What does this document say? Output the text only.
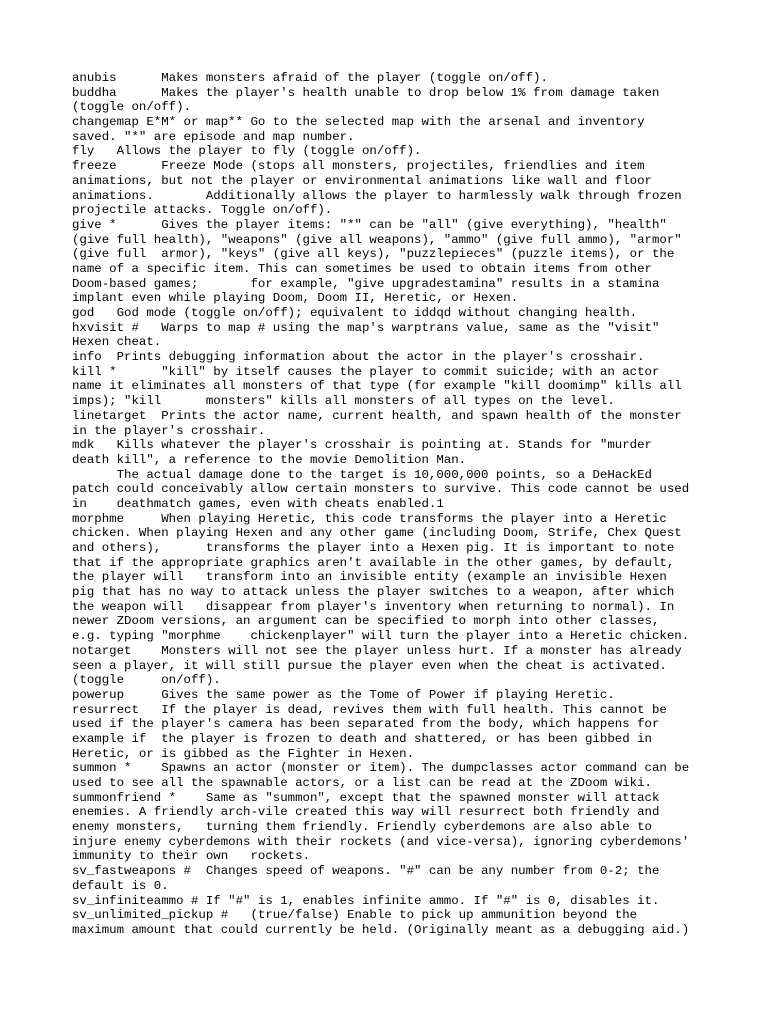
anubis      Makes monsters afraid of the player (toggle on/off).
buddha      Makes the player's health unable to drop below 1% from damage taken
(toggle on/off).
changemap E*M* or map** Go to the selected map with the arsenal and inventory
saved. "*" are episode and map number.
fly   Allows the player to fly (toggle on/off).
freeze      Freeze Mode (stops all monsters, projectiles, friendlies and item
animations, but not the player or environmental animations like wall and floor
animations.       Additionally allows the player to harmlessly walk through frozen
projectile attacks. Toggle on/off).
give *      Gives the player items: "*" can be "all" (give everything), "health"
(give full health), "weapons" (give all weapons), "ammo" (give full ammo), "armor"
(give full  armor), "keys" (give all keys), "puzzlepieces" (puzzle items), or the
name of a specific item. This can sometimes be used to obtain items from other
Doom-based games;       for example, "give upgradestamina" results in a stamina
implant even while playing Doom, Doom II, Heretic, or Hexen.
god   God mode (toggle on/off); equivalent to iddqd without changing health.
hxvisit #   Warps to map # using the map's warptrans value, same as the "visit"
Hexen cheat.
info  Prints debugging information about the actor in the player's crosshair.
kill *      "kill" by itself causes the player to commit suicide; with an actor
name it eliminates all monsters of that type (for example "kill doomimp" kills all
imps); "kill      monsters" kills all monsters of all types on the level.
linetarget  Prints the actor name, current health, and spawn health of the monster
in the player's crosshair.
mdk   Kills whatever the player's crosshair is pointing at. Stands for "murder
death kill", a reference to the movie Demolition Man.
The actual damage done to the target is 10,000,000 points, so a DeHackEd
patch could conceivably allow certain monsters to survive. This code cannot be used
in    deathmatch games, even with cheats enabled.1
morphme     When playing Heretic, this code transforms the player into a Heretic
chicken. When playing Hexen and any other game (including Doom, Strife, Chex Quest
and others),      transforms the player into a Hexen pig. It is important to note
that if the appropriate graphics aren't available in the other games, by default,
the player will   transform into an invisible entity (example an invisible Hexen
pig that has no way to attack unless the player switches to a weapon, after which
the weapon will   disappear from player's inventory when returning to normal). In
newer ZDoom versions, an argument can be specified to morph into other classes,
e.g. typing "morphme    chickenplayer" will turn the player into a Heretic chicken.
notarget    Monsters will not see the player unless hurt. If a monster has already
seen a player, it will still pursue the player even when the cheat is activated.
(toggle     on/off).
powerup     Gives the same power as the Tome of Power if playing Heretic.
resurrect   If the player is dead, revives them with full health. This cannot be
used if the player's camera has been separated from the body, which happens for
example if  the player is frozen to death and shattered, or has been gibbed in
Heretic, or is gibbed as the Fighter in Hexen.
summon *    Spawns an actor (monster or item). The dumpclasses actor command can be
used to see all the spawnable actors, or a list can be read at the ZDoom wiki.
summonfriend *    Same as "summon", except that the spawned monster will attack
enemies. A friendly arch-vile created this way will resurrect both friendly and
enemy monsters,   turning them friendly. Friendly cyberdemons are also able to
injure enemy cyberdemons with their rockets (and vice-versa), ignoring cyberdemons'
immunity to their own   rockets.
sv_fastweapons #  Changes speed of weapons. "#" can be any number from 0-2; the
default is 0.
sv_infiniteammo # If "#" is 1, enables infinite ammo. If "#" is 0, disables it.
sv_unlimited_pickup #   (true/false) Enable to pick up ammunition beyond the
maximum amount that could currently be held. (Originally meant as a debugging aid.)
